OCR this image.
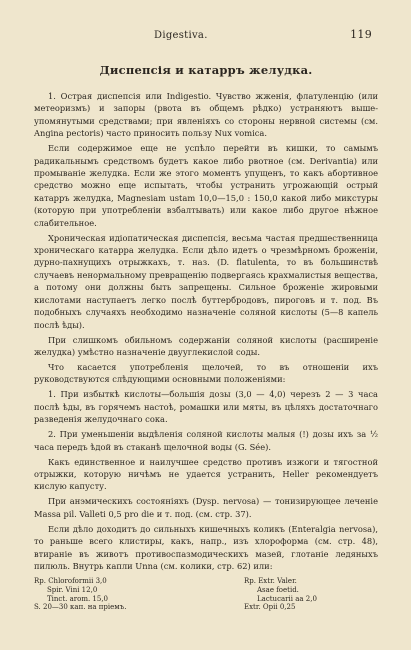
Digestiva.	119
Диспепсія и катарръ желудка.

1. Острая диспепсія или Indigestio. Чувство жженія, флатуленцію (или метеоризмъ) и запоры (рвота въ общемъ рѣдко) устраняютъ выше-упомянутыми средствами; при явленіяхъ со стороны нервной системы (см. Angina pectoris) часто приносить пользу Nux vomica.

Если содержимое еще не успѣло перейти въ кишки, то самымъ радикальнымъ средствомъ будетъ какое либо рвотное (см. Derivantia) или промываніе желудка. Если же этого моментъ упущенъ, то какъ абортивное средство можно еще испытать, чтобы устранить угрожающій острый катарръ желудка, Magnesiam ustam 10,0—15,0 : 150,0 какой либо микстуры (которую при употребленіи взбалтывать) или какое либо другое нѣжное слабительное.

Хроническая идіопатическая диспепсія, весьма частая предшественница хроническаго катарра желудка. Если дѣло идетъ о чрезмѣрномъ броженіи, дурно-пахнущихъ отрыжкахъ, т. наз. (D. flatulenta, то въ большинствѣ случаевъ ненормальному превращенію подвергаясь крахмалистыя вещества, а потому они должны быть запрещены. Сильное броженіе жировыми кислотами наступаетъ легко послѣ буттербродовъ, пироговъ и т. под. Въ подобныхъ случаяхъ необходимо назначеніе соляной кислоты (5—8 капель послѣ ѣды).

При слишкомъ обильномъ содержаніи соляной кислоты (расширеніе желудка) умѣстно назначеніе двууглекислой соды.

Что касается употребленія щелочей, то въ отношеніи ихъ руководствуются слѣдующими основными положеніями:

1. При избыткѣ кислоты—большія дозы (3,0 — 4,0) черезъ 2 — 3 часа послѣ ѣды, въ горячемъ настоѣ, ромашки или мяты, въ цѣляхъ достаточнаго разведенія желудочнаго сока.

2. При уменьшеніи выдѣленія соляной кислоты малыя (!) дозы ихъ за ½ часа передъ ѣдой въ стаканѣ щелочной воды (G. Sée).

Какъ единственное и наилучшее средство противъ изжоги и тягостной отрыжки, которую ничѣмъ не удается устранить, Heller рекомендуетъ кислую капусту.

При анэмическихъ состояніяхъ (Dysp. nervosa) — тонизирующее леченіе Massa pil. Valleti 0,5 pro die и т. под. (см. стр. 37).

Если дѣло доходитъ до сильныхъ кишечныхъ коликъ (Enteralgia nervosa), то раньше всего клистиры, какъ, напр., изъ хлороформа (см. стр. 48), втираніе въ животъ противоспазмодическихъ мазей, глотаніе ледяныхъ пилюль. Внутрь капли Unna (см. колики, стр. 62) или:

Rp. Chloroformii 3,0
Spir. Vini 12,0
Tinct. arom. 15,0
S. 20—30 кап. на пріемъ.
Rp. Extr. Valer.
Asae foetid.
Lactucarii aa 2,0
Extr. Opii 0,25
